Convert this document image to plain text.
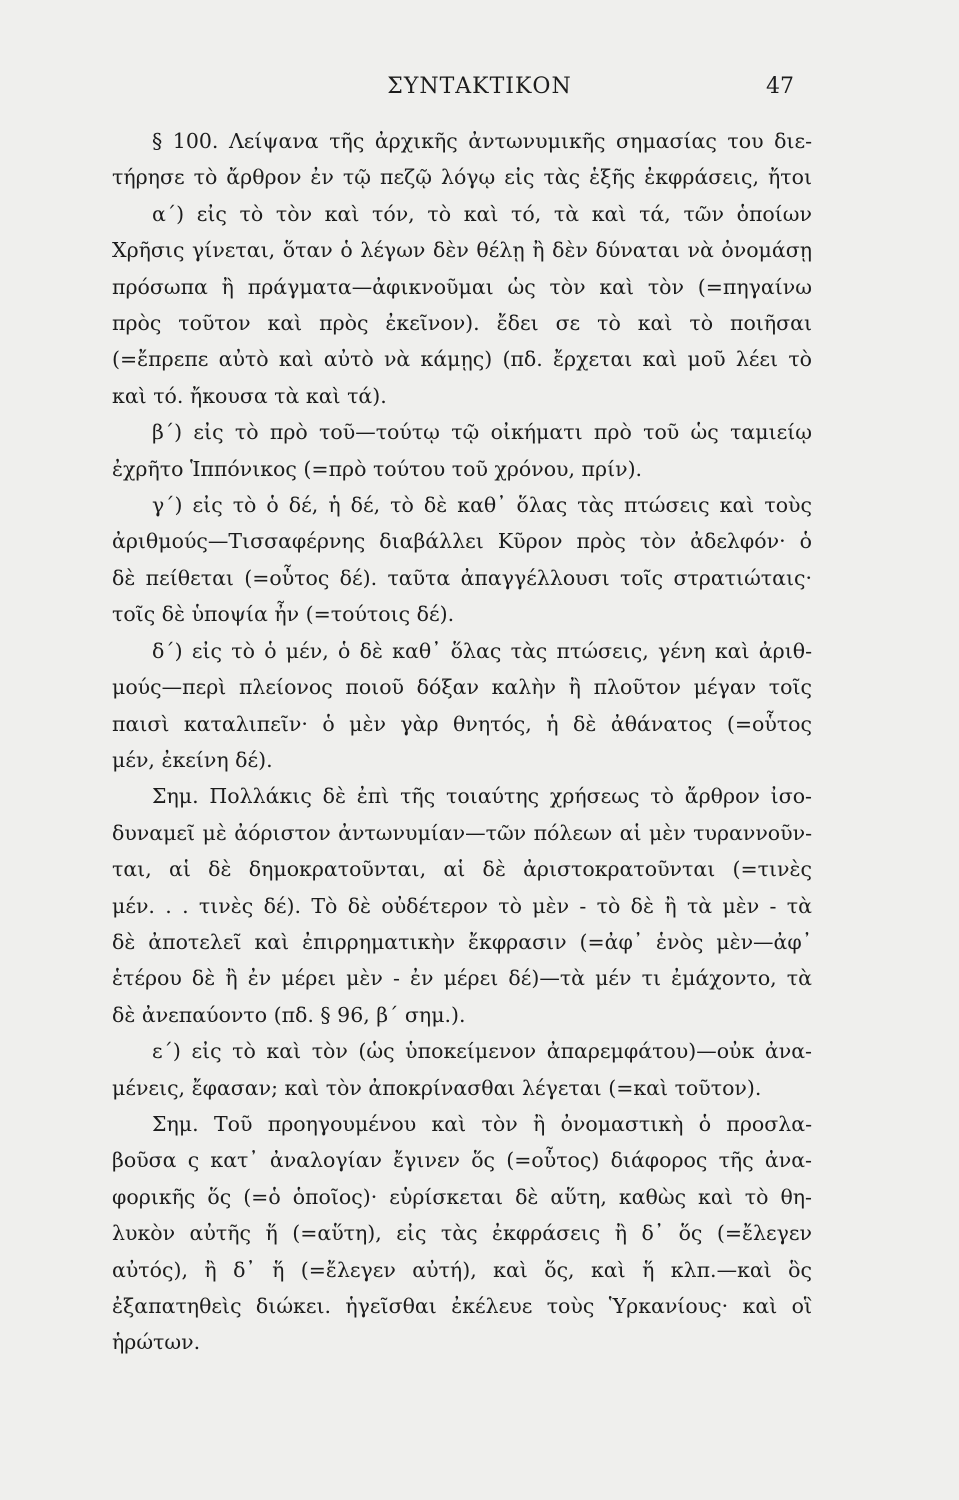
ΣΥΝΤΑΚΤΙΚΟΝ	47
§ 100. Λείψανα τῆς ἀρχικῆς ἀντωνυμικῆς σημασίας του διε-
τήρησε τὸ ἄρθρον ἐν τῷ πεζῷ λόγῳ εἰς τὰς ἑξῆς ἐκφράσεις, ἤτοι
α΄) εἰς τὸ τὸν καὶ τόν, τὸ καὶ τό, τὰ καὶ τά, τῶν ὁποίων
Χρῆσις γίνεται, ὅταν ὁ λέγων δὲν θέλῃ ἢ δὲν δύναται νὰ ὀνομάσῃ
πρόσωπα ἢ πράγματα—ἀφικνοῦμαι ὡς τὸν καὶ τὸν (=πηγαίνω
πρὸς τοῦτον καὶ πρὸς ἐκεῖνον). ἔδει σε τὸ καὶ τὸ ποιῆσαι
(=ἔπρεπε αὐτὸ καὶ αὐτὸ νὰ κάμῃς) (πδ. ἔρχεται καὶ μοῦ λέει τὸ
καὶ τό. ἤκουσα τὰ καὶ τά).
β΄) εἰς τὸ πρὸ τοῦ—τούτῳ τῷ οἰκήματι πρὸ τοῦ ὡς ταμιείῳ
ἐχρῆτο Ἱππόνικος (=πρὸ τούτου τοῦ χρόνου, πρίν).
γ΄) εἰς τὸ ὁ δέ, ἡ δέ, τὸ δὲ καθ᾽ ὅλας τὰς πτώσεις καὶ τοὺς
ἀριθμούς—Τισσαφέρνης διαβάλλει Κῦρον πρὸς τὸν ἀδελφόν· ὁ
δὲ πείθεται (=οὗτος δέ). ταῦτα ἀπαγγέλλουσι τοῖς στρατιώταις·
τοῖς δὲ ὑποψία ἦν (=τούτοις δέ).
δ΄) εἰς τὸ ὁ μέν, ὁ δὲ καθ᾽ ὅλας τὰς πτώσεις, γένη καὶ ἀριθ-
μούς—περὶ πλείονος ποιοῦ δόξαν καλὴν ἢ πλοῦτον μέγαν τοῖς
παισὶ καταλιπεῖν· ὁ μὲν γὰρ θνητός, ἡ δὲ ἀθάνατος (=οὗτος
μέν, ἐκείνη δέ).
Σημ. Πολλάκις δὲ ἐπὶ τῆς τοιαύτης χρήσεως τὸ ἄρθρον ἰσο-
δυναμεῖ μὲ ἀόριστον ἀντωνυμίαν—τῶν πόλεων αἱ μὲν τυραννοῦν-
ται, αἱ δὲ δημοκρατοῦνται, αἱ δὲ ἀριστοκρατοῦνται (=τινὲς
μέν. . . τινὲς δέ). Τὸ δὲ οὐδέτερον τὸ μὲν - τὸ δὲ ἢ τὰ μὲν - τὰ
δὲ ἀποτελεῖ καὶ ἐπιρρηματικὴν ἔκφρασιν (=ἀφ᾽ ἑνὸς μὲν—ἀφ᾽
ἑτέρου δὲ ἢ ἐν μέρει μὲν - ἐν μέρει δέ)—τὰ μέν τι ἐμάχοντο, τὰ
δὲ ἀνεπαύοντο (πδ. § 96, β΄ σημ.).
ε΄) εἰς τὸ καὶ τὸν (ὡς ὑποκείμενον ἀπαρεμφάτου)—οὐκ ἀνα-
μένεις, ἔφασαν; καὶ τὸν ἀποκρίνασθαι λέγεται (=καὶ τοῦτον).
Σημ. Τοῦ προηγουμένου καὶ τὸν ἢ ὀνομαστικὴ ὁ προσλα-
βοῦσα ς κατ᾽ ἀναλογίαν ἔγινεν ὅς (=οὗτος) διάφορος τῆς ἀνα-
φορικῆς ὅς (=ὁ ὁποῖος)· εὑρίσκεται δὲ αὕτη, καθὼς καὶ τὸ θη-
λυκὸν αὐτῆς ἥ (=αὕτη), εἰς τὰς ἐκφράσεις ἢ δ᾽ ὅς (=ἔλεγεν
αὐτός), ἢ δ᾽ ἥ (=ἔλεγεν αὐτή), καὶ ὅς, καὶ ἥ κλπ.—καὶ ὃς
ἐξαπατηθεὶς διώκει. ἡγεῖσθαι ἐκέλευε τοὺς Ὑρκανίους· καὶ οἳ
ἡρώτων.
